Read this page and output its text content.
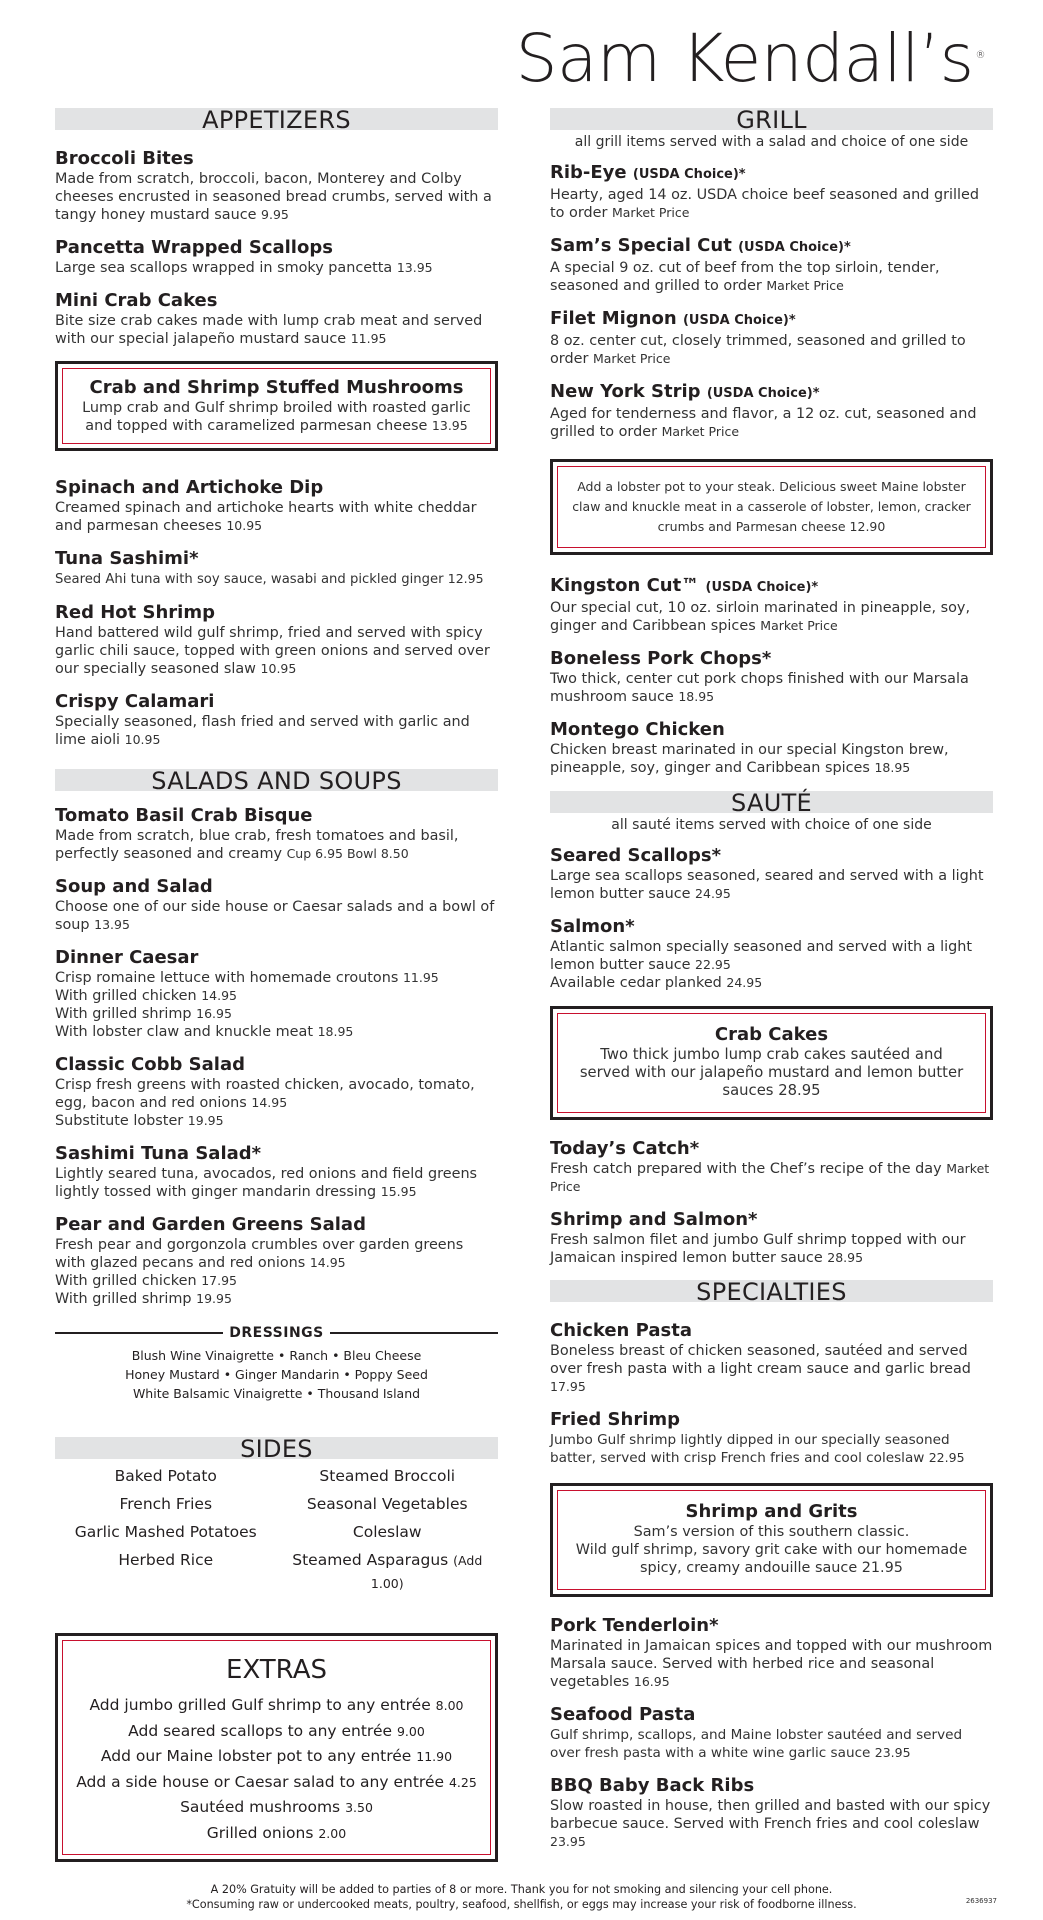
Sam Kendall’s ®
APPETIZERS
Broccoli Bites
Made from scratch, broccoli, bacon, Monterey and Colby cheeses encrusted in seasoned bread crumbs, served with a tangy honey mustard sauce 9.95
Pancetta Wrapped Scallops
Large sea scallops wrapped in smoky pancetta 13.95
Mini Crab Cakes
Bite size crab cakes made with lump crab meat and served with our special jalapeño mustard sauce 11.95
Crab and Shrimp Stuffed Mushrooms
Lump crab and Gulf shrimp broiled with roasted garlic and topped with caramelized parmesan cheese 13.95
Spinach and Artichoke Dip
Creamed spinach and artichoke hearts with white cheddar and parmesan cheeses 10.95
Tuna Sashimi*
Seared Ahi tuna with soy sauce, wasabi and pickled ginger 12.95
Red Hot Shrimp
Hand battered wild gulf shrimp, fried and served with spicy garlic chili sauce, topped with green onions and served over our specially seasoned slaw 10.95
Crispy Calamari
Specially seasoned, flash fried and served with garlic and lime aioli 10.95
SALADS AND SOUPS
Tomato Basil Crab Bisque
Made from scratch, blue crab, fresh tomatoes and basil, perfectly seasoned and creamy Cup 6.95 Bowl 8.50
Soup and Salad
Choose one of our side house or Caesar salads and a bowl of soup 13.95
Dinner Caesar
Crisp romaine lettuce with homemade croutons 11.95
With grilled chicken 14.95
With grilled shrimp 16.95
With lobster claw and knuckle meat 18.95
Classic Cobb Salad
Crisp fresh greens with roasted chicken, avocado, tomato, egg, bacon and red onions 14.95
Substitute lobster 19.95
Sashimi Tuna Salad*
Lightly seared tuna, avocados, red onions and field greens lightly tossed with ginger mandarin dressing 15.95
Pear and Garden Greens Salad
Fresh pear and gorgonzola crumbles over garden greens with glazed pecans and red onions 14.95
With grilled chicken 17.95
With grilled shrimp 19.95
DRESSINGS
Blush Wine Vinaigrette • Ranch • Bleu Cheese
Honey Mustard • Ginger Mandarin • Poppy Seed
White Balsamic Vinaigrette • Thousand Island
SIDES
Baked Potato	Steamed Broccoli
French Fries	Seasonal Vegetables
Garlic Mashed Potatoes	Coleslaw
Herbed Rice	Steamed Asparagus (Add 1.00)
EXTRAS
Add jumbo grilled Gulf shrimp to any entrée 8.00
Add seared scallops to any entrée 9.00
Add our Maine lobster pot to any entrée 11.90
Add a side house or Caesar salad to any entrée 4.25
Sautéed mushrooms 3.50
Grilled onions 2.00
GRILL
all grill items served with a salad and choice of one side
Rib-Eye (USDA Choice)*
Hearty, aged 14 oz. USDA choice beef seasoned and grilled to order Market Price
Sam’s Special Cut (USDA Choice)*
A special 9 oz. cut of beef from the top sirloin, tender, seasoned and grilled to order Market Price
Filet Mignon (USDA Choice)*
8 oz. center cut, closely trimmed, seasoned and grilled to order Market Price
New York Strip (USDA Choice)*
Aged for tenderness and flavor, a 12 oz. cut, seasoned and grilled to order Market Price
Add a lobster pot to your steak. Delicious sweet Maine lobster claw and knuckle meat in a casserole of lobster, lemon, cracker crumbs and Parmesan cheese 12.90
Kingston Cut™ (USDA Choice)*
Our special cut, 10 oz. sirloin marinated in pineapple, soy, ginger and Caribbean spices Market Price
Boneless Pork Chops*
Two thick, center cut pork chops finished with our Marsala mushroom sauce 18.95
Montego Chicken
Chicken breast marinated in our special Kingston brew, pineapple, soy, ginger and Caribbean spices 18.95
SAUTÉ
all sauté items served with choice of one side
Seared Scallops*
Large sea scallops seasoned, seared and served with a light lemon butter sauce 24.95
Salmon*
Atlantic salmon specially seasoned and served with a light lemon butter sauce 22.95
Available cedar planked 24.95
Crab Cakes
Two thick jumbo lump crab cakes sautéed and served with our jalapeño mustard and lemon butter sauces 28.95
Today’s Catch*
Fresh catch prepared with the Chef’s recipe of the day Market Price
Shrimp and Salmon*
Fresh salmon filet and jumbo Gulf shrimp topped with our Jamaican inspired lemon butter sauce 28.95
SPECIALTIES
Chicken Pasta
Boneless breast of chicken seasoned, sautéed and served over fresh pasta with a light cream sauce and garlic bread 17.95
Fried Shrimp
Jumbo Gulf shrimp lightly dipped in our specially seasoned batter, served with crisp French fries and cool coleslaw 22.95
Shrimp and Grits
Sam’s version of this southern classic.
Wild gulf shrimp, savory grit cake with our homemade spicy, creamy andouille sauce 21.95
Pork Tenderloin*
Marinated in Jamaican spices and topped with our mushroom Marsala sauce. Served with herbed rice and seasonal vegetables 16.95
Seafood Pasta
Gulf shrimp, scallops, and Maine lobster sautéed and served over fresh pasta with a white wine garlic sauce 23.95
BBQ Baby Back Ribs
Slow roasted in house, then grilled and basted with our spicy barbecue sauce. Served with French fries and cool coleslaw 23.95
A 20% Gratuity will be added to parties of 8 or more. Thank you for not smoking and silencing your cell phone.
*Consuming raw or undercooked meats, poultry, seafood, shellfish, or eggs may increase your risk of foodborne illness.	2636937
